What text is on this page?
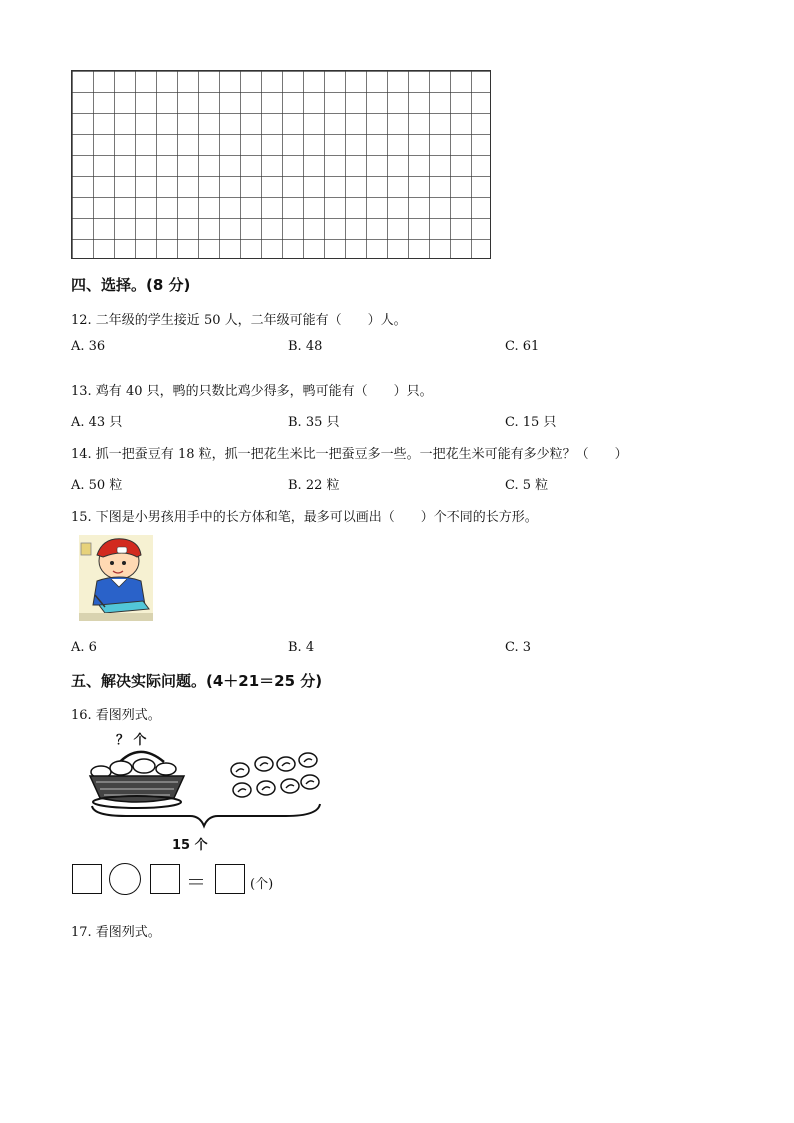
四、选择。(8 分)
12. 二年级的学生接近 50 人，二年级可能有（　　）人。
A. 36	B. 48	C. 61
13. 鸡有 40 只，鸭的只数比鸡少得多，鸭可能有（　　）只。
A. 43 只	B. 35 只	C. 15 只
14. 抓一把蚕豆有 18 粒，抓一把花生米比一把蚕豆多一些。一把花生米可能有多少粒？（　　）
A. 50 粒	B. 22 粒	C. 5 粒
15. 下图是小男孩用手中的长方体和笔，最多可以画出（　　）个不同的长方形。
A. 6	B. 4	C. 3
五、解决实际问题。(4＋21＝25 分)
16. 看图列式。
？ 个
15 个
＝	(个)
17. 看图列式。
